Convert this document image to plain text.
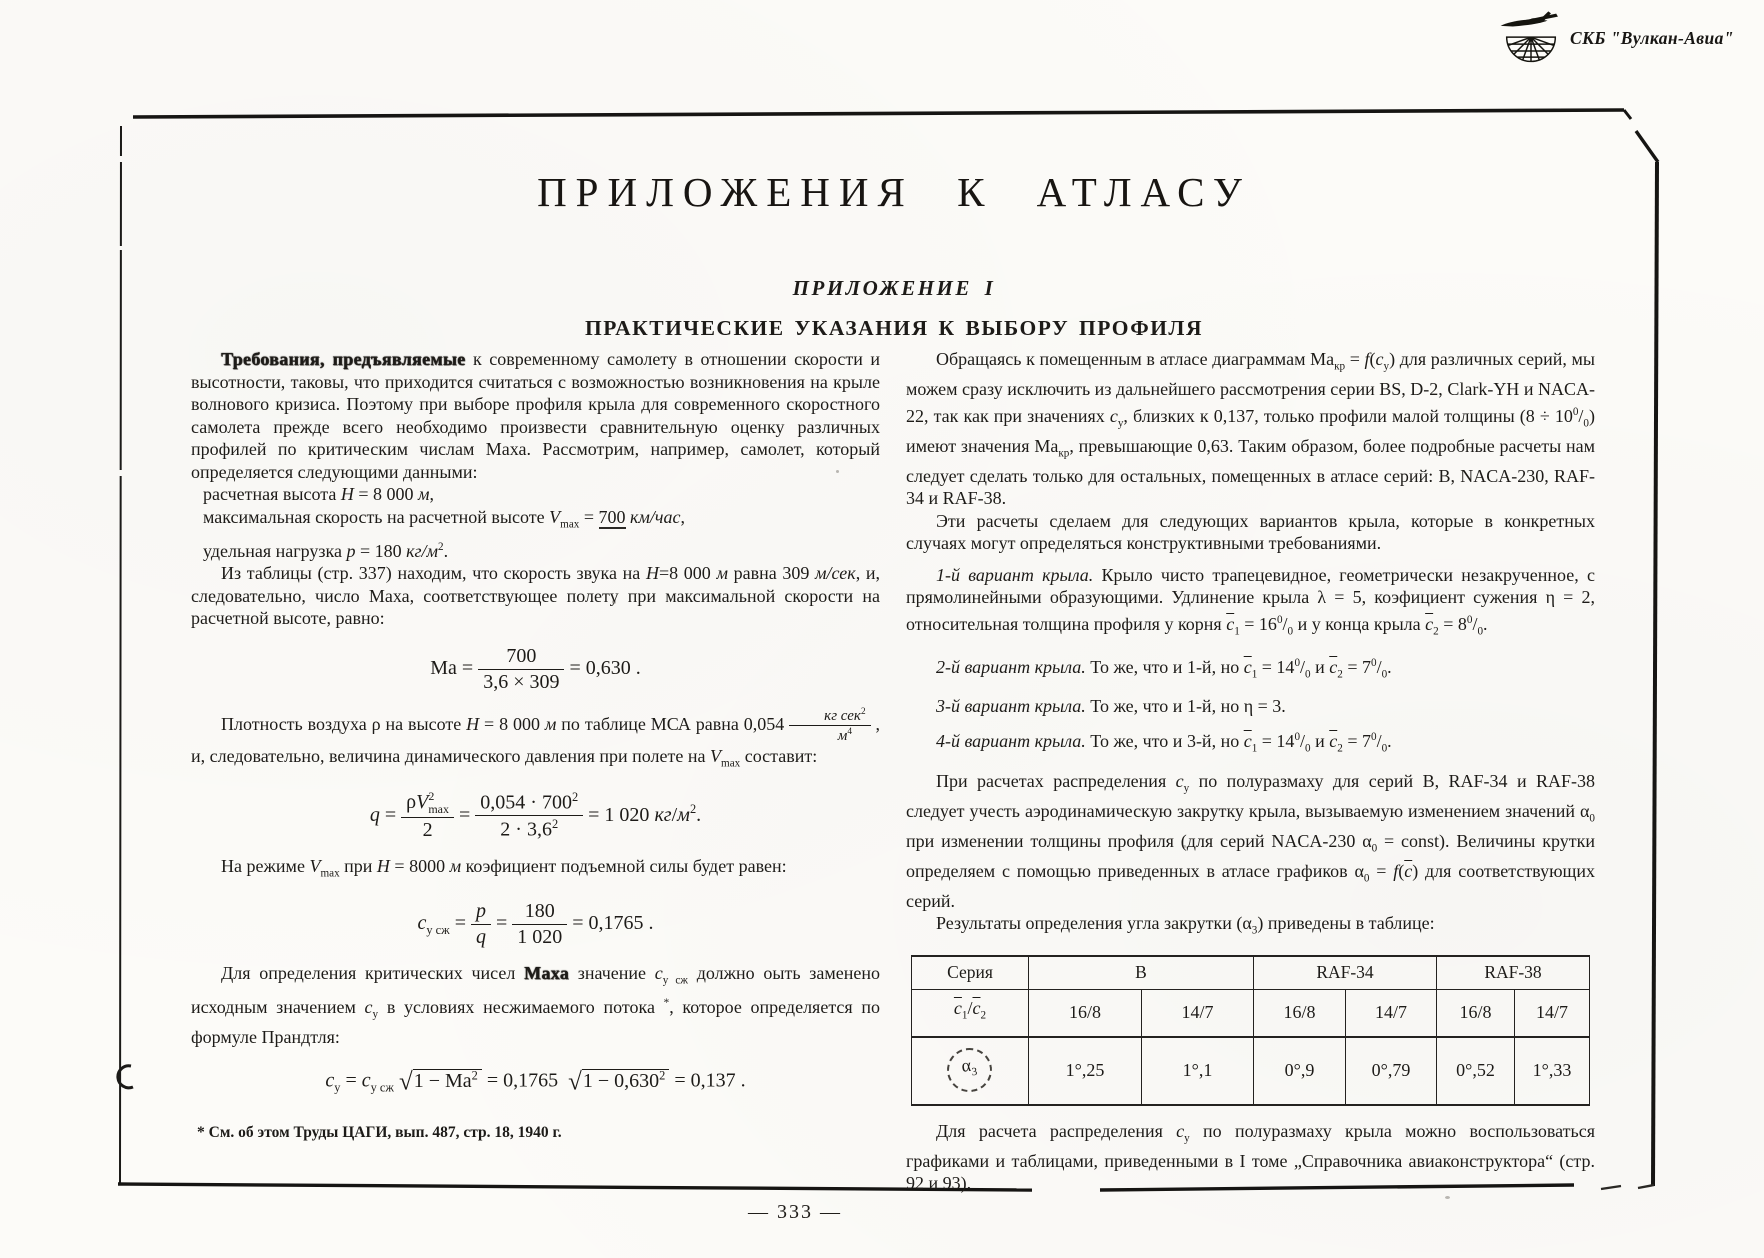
СКБ "Вулкан-Авиа"
ПРИЛОЖЕНИЯ К АТЛАСУ
ПРИЛОЖЕНИЕ I
ПРАКТИЧЕСКИЕ УКАЗАНИЯ К ВЫБОРУ ПРОФИЛЯ

Требования, предъявляемые к современному самолету в отношении скорости и высотности, таковы, что приходится считаться с возможностью возникновения на крыле волнового кризиса. Поэтому при выборе профиля крыла для современного скоростного самолета прежде всего необходимо произвести сравнительную оценку различных профилей по критическим числам Маха. Рассмотрим, например, самолет, который определяется следующими данными:

расчетная высота H = 8 000 м,
максимальная скорость на расчетной высоте $V_{max} = 700$ км/час,
удельная нагрузка p = 180 $кг/м^2$.

Из таблицы (стр. 337) находим, что скорость звука на H=8 000 м равна 309 м/сек, и, следовательно, число Маха, соответствующее полету при максимальной скорости на расчетной высоте, равно:

Ма = $\frac{700}{3,6 \times 309} = 0,630$ .

Плотность воздуха ρ на высоте H = 8 000 м по таблице МСА равна $0,054 \frac{кг сек^2}{м^4}$ , и, следовательно, величина динамического давления при полете на $V_{max}$ составит:

q = ρV 2
max
$2 = \frac{0,054 \cdot 700^2}{2 \cdot 3,6^2} = 1$ 020 $кг/м^2$.

На режиме $V_{max}$ при H = 8000 м коэфициент подъемной силы будет равен:

$c_{у сж} = \frac{p}{q} = \frac{180}{1 020} = 0,1765$ .

Для определения критических чисел Маха значение $c_{у сж}$ должно оыть заменено исходным значением $c_у$ в условиях несжимаемого потока *, которое определяется по формуле Прандтля:

$c_у = c_{у сж}$ $√1 - Ма^2 = 0,1765$  $√1 - 0,630^2 = 0,137$ .
* См. об этом Труды ЦАГИ, вып. 487, стр. 18, 1940 г.

Обращаясь к помещенным в атласе диаграммам $Ма_{кр} = f(c_у)$ для различных серий, мы можем сразу исключить из дальнейшего рассмотрения серии BS, D-2, Clark-YH и NACA-22, так как при значениях $c_у$, близких к 0,137, только профили малой толщины $(8 \div 10^0/_0)$ имеют значения $Ма_{кр}$, превышающие 0,63. Таким образом, более подробные расчеты нам следует сделать только для остальных, помещенных в атласе серий: B, NACA-230, RAF-34 и RAF-38.

Эти расчеты сделаем для следующих вариантов крыла, которые в конкретных случаях могут определяться конструктивными требованиями.

1-й вариант крыла. Крыло чисто трапецевидное, геометрически незакрученное, с прямолинейными образующими. Удлинение крыла λ = 5, коэфициент сужения η = 2, относительная толщина профиля у корня $\overline{c}_1 = 16^0/_0$ и у конца крыла $\overline{c}_2 = 8^0/_0$.

2-й вариант крыла. То же, что и 1-й, но $\overline{c}_1 = 14^0/_0$ и $\overline{c}_2 = 7^0/_0$.

3-й вариант крыла. То же, что и 1-й, но η = 3.

4-й вариант крыла. То же, что и 3-й, но $\overline{c}_1 = 14^0/_0$ и $\overline{c}_2 = 7^0/_0$.

При расчетах распределения $c_у$ по полуразмаху для серий B, RAF-34 и RAF-38 следует учесть аэродинамическую закрутку крыла, вызываемую изменением значений $\alpha_0$ при изменении толщины профиля (для серий NACA-230 $\alpha_0$ = const). Величины крутки определяем с помощью приведенных в атласе графиков $\alpha_0 = f(\overline{c})$ для соответствующих серий.

Результаты определения угла закрутки $(\alpha_3)$ приведены в таблице:

Серия	B		RAF-34		RAF-38	
$\overline{c}_1/\overline{c}_2$	16/8	14/7	16/8	14/7	16/8	14/7
$\alpha_3$	1°,25	1°,1	0°,9	0°,79	0°,52	1°,33

Для расчета распределения $c_у$ по полуразмаху крыла можно воспользоваться графиками и таблицами, приведенными в I томе „Справочника авиаконструктора“ (стр. 92 и 93).

— 333 —
